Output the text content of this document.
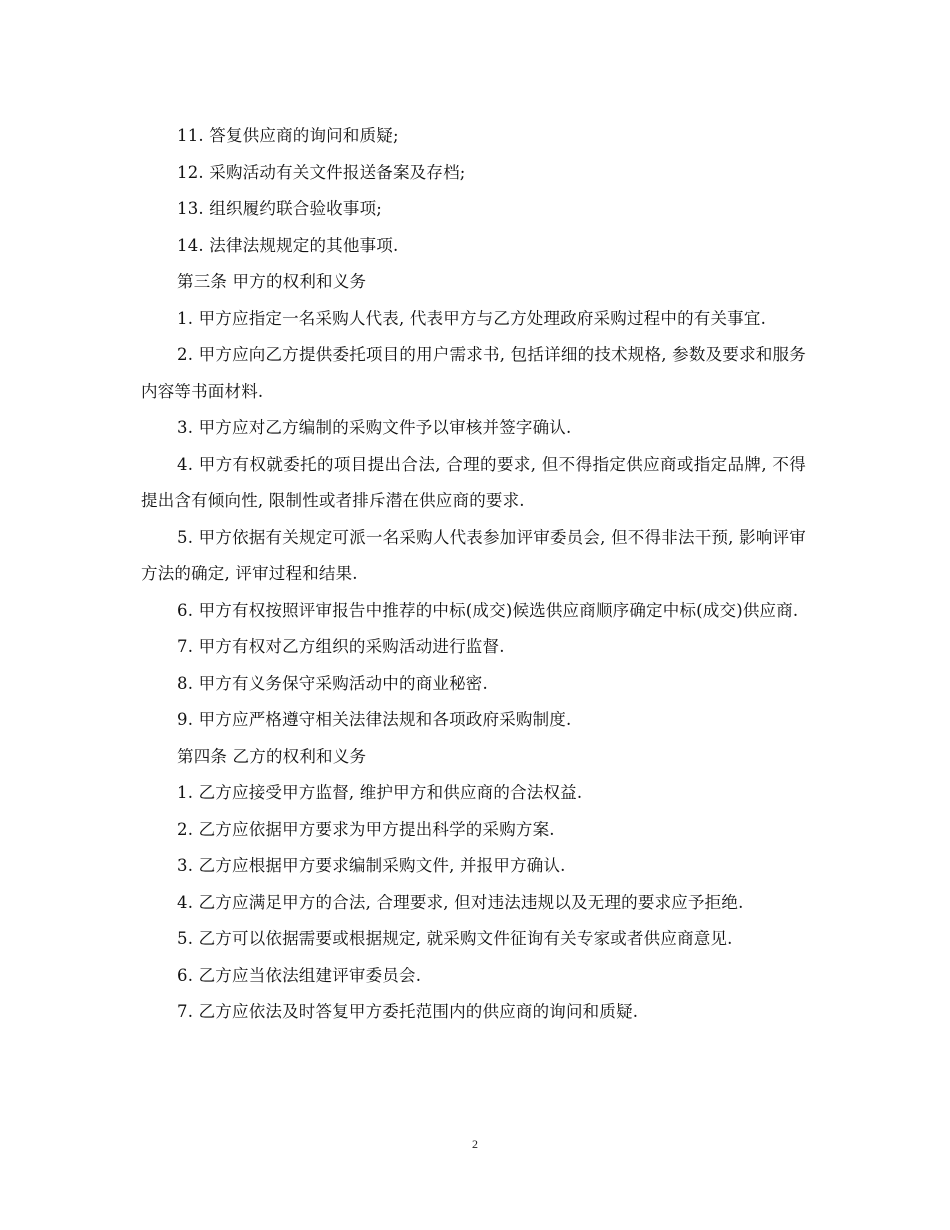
11. 答复供应商的询问和质疑;

12. 采购活动有关文件报送备案及存档;

13. 组织履约联合验收事项;

14. 法律法规规定的其他事项.

第三条 甲方的权利和义务

1. 甲方应指定一名采购人代表, 代表甲方与乙方处理政府采购过程中的有关事宜.

2. 甲方应向乙方提供委托项目的用户需求书, 包括详细的技术规格, 参数及要求和服务内容等书面材料.

3. 甲方应对乙方编制的采购文件予以审核并签字确认.

4. 甲方有权就委托的项目提出合法, 合理的要求, 但不得指定供应商或指定品牌, 不得提出含有倾向性, 限制性或者排斥潜在供应商的要求.

5. 甲方依据有关规定可派一名采购人代表参加评审委员会, 但不得非法干预, 影响评审方法的确定, 评审过程和结果.

6. 甲方有权按照评审报告中推荐的中标(成交)候选供应商顺序确定中标(成交)供应商.

7. 甲方有权对乙方组织的采购活动进行监督.

8. 甲方有义务保守采购活动中的商业秘密.

9. 甲方应严格遵守相关法律法规和各项政府采购制度.

第四条 乙方的权利和义务

1. 乙方应接受甲方监督, 维护甲方和供应商的合法权益.

2. 乙方应依据甲方要求为甲方提出科学的采购方案.

3. 乙方应根据甲方要求编制采购文件, 并报甲方确认.

4. 乙方应满足甲方的合法, 合理要求, 但对违法违规以及无理的要求应予拒绝.

5. 乙方可以依据需要或根据规定, 就采购文件征询有关专家或者供应商意见.

6. 乙方应当依法组建评审委员会.

7. 乙方应依法及时答复甲方委托范围内的供应商的询问和质疑.

2
